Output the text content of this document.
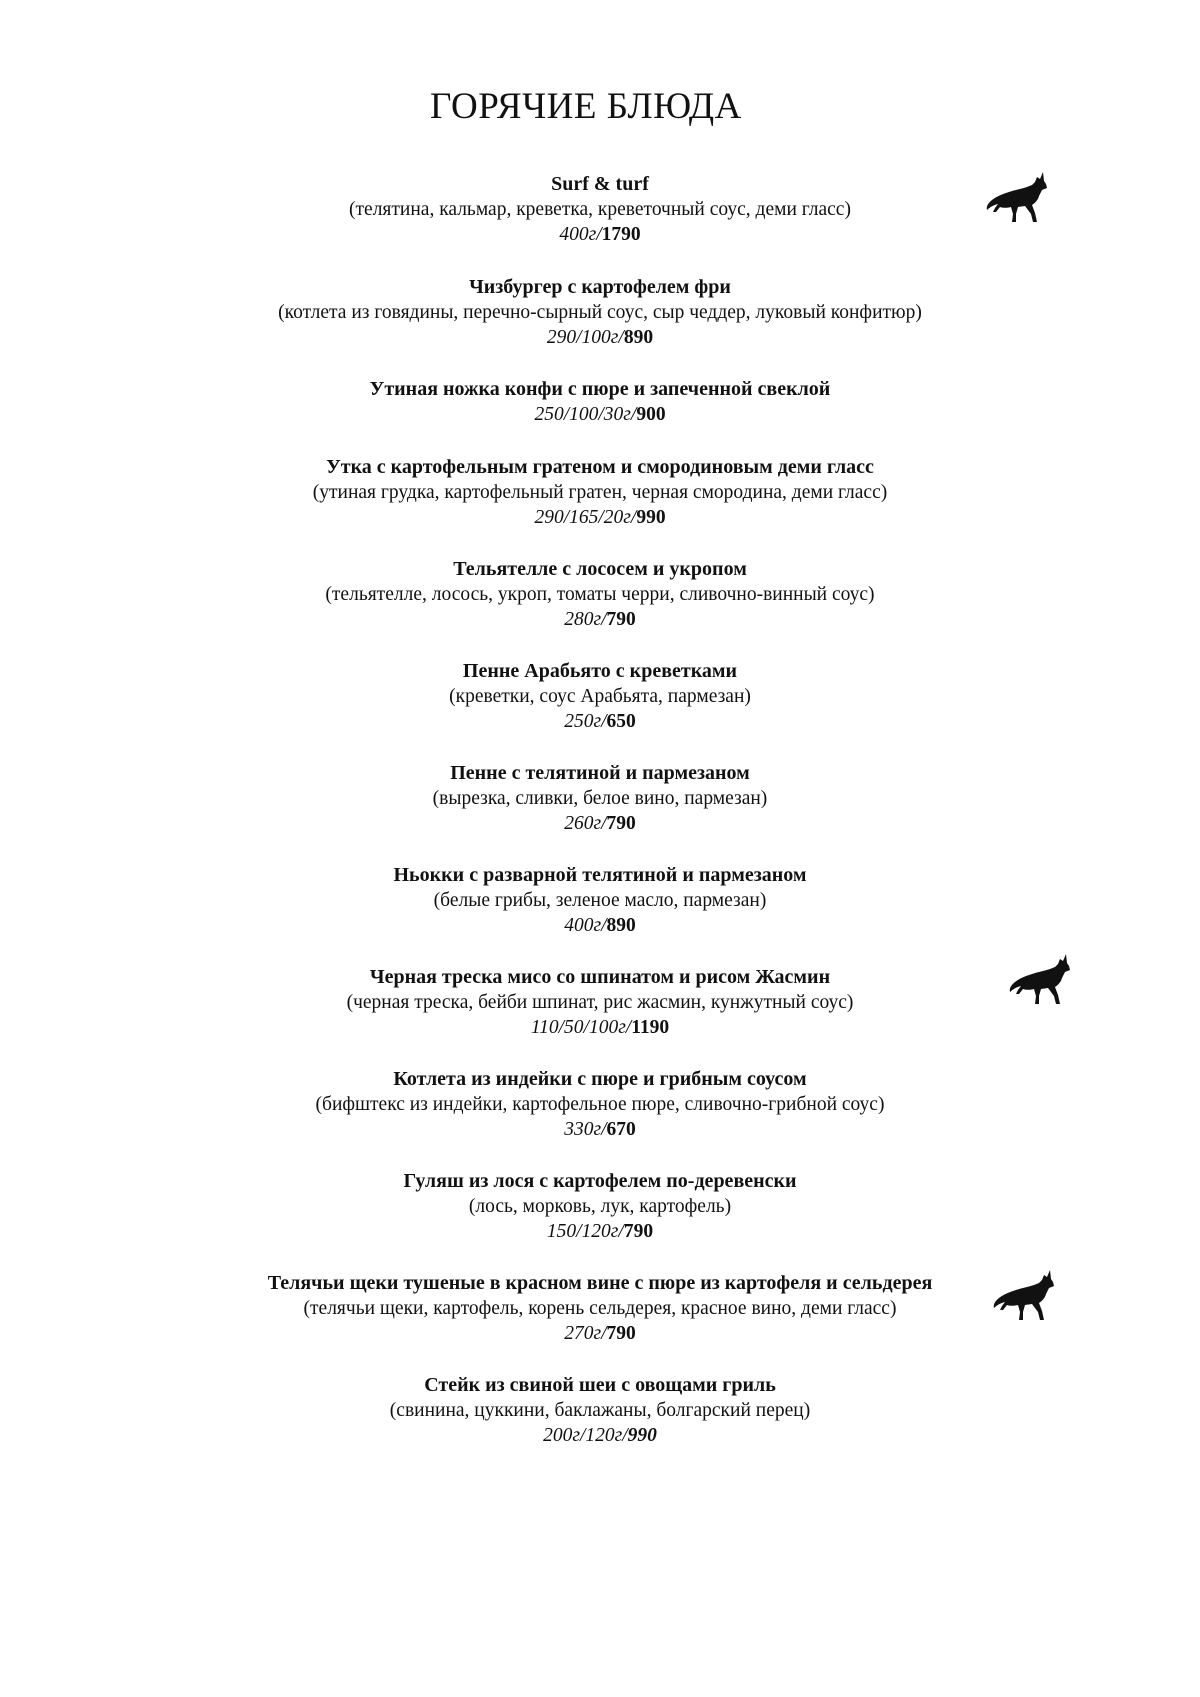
ГОРЯЧИЕ БЛЮДА
Surf & turf
(телятина, кальмар, креветка, креветочный соус, деми гласс)
400г/1790
Чизбургер с картофелем фри
(котлета из говядины, перечно-сырный соус, сыр чеддер, луковый конфитюр)
290/100г/890
Утиная ножка конфи с пюре и запеченной свеклой
250/100/30г/900
Утка с картофельным гратеном и смородиновым деми гласс
(утиная грудка, картофельный гратен, черная смородина, деми гласс)
290/165/20г/990
Тельятелле с лососем и укропом
(тельятелле, лосось, укроп, томаты черри, сливочно-винный соус)
280г/790
Пенне Арабьято с креветками
(креветки, соус Арабьята, пармезан)
250г/650
Пенне с телятиной и пармезаном
(вырезка, сливки, белое вино, пармезан)
260г/790
Ньокки с разварной телятиной и пармезаном
(белые грибы, зеленое масло, пармезан)
400г/890
Черная треска мисо со шпинатом и рисом Жасмин
(черная треска, бейби шпинат, рис жасмин, кунжутный соус)
110/50/100г/1190
Котлета из индейки с пюре и грибным соусом
(бифштекс из индейки, картофельное пюре, сливочно-грибной соус)
330г/670
Гуляш из лося с картофелем по-деревенски
(лось, морковь, лук, картофель)
150/120г/790
Телячьи щеки тушеные в красном вине с пюре из картофеля и сельдерея
(телячьи щеки, картофель, корень сельдерея, красное вино, деми гласс)
270г/790
Стейк из свиной шеи с овощами гриль
(свинина, цуккини, баклажаны, болгарский перец)
200г/120г/990
